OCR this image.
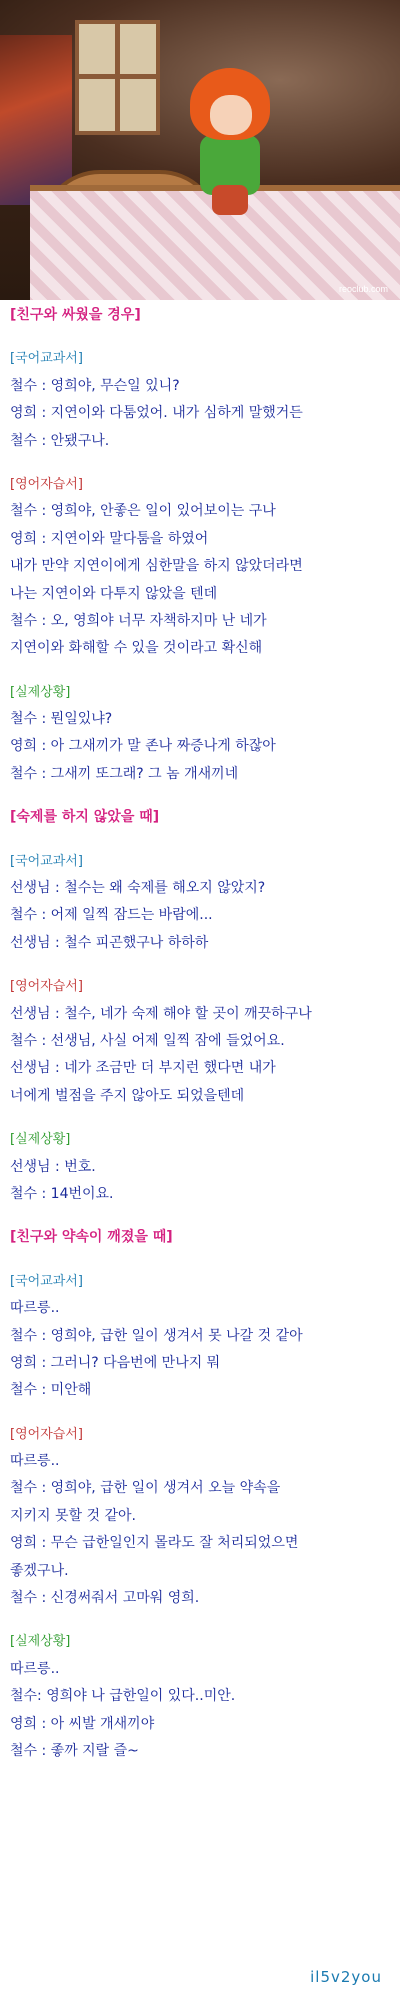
reoclub.com
[친구와 싸웠을 경우]
[국어교과서]
철수 : 영희야, 무슨일 있니?
영희 : 지연이와 다툼었어. 내가 심하게 말했거든
철수 : 안됐구나.
[영어자습서]
철수 : 영희야, 안좋은 일이 있어보이는 구나
영희 : 지연이와 말다툼을 하였어
내가 만약 지연이에게 심한말을 하지 않았더라면
나는 지연이와 다투지 않았을 텐데
철수 : 오, 영희야 너무 자책하지마 난 네가
지연이와 화해할 수 있을 것이라고 확신해
[실제상황]
철수 : 뭔일있냐?
영희 : 아 그새끼가 말 존나 짜증나게 하잖아
철수 : 그새끼 또그래? 그 놈 개새끼네
[숙제를 하지 않았을 때]
[국어교과서]
선생님 : 철수는 왜 숙제를 해오지 않았지?
철수 : 어제 일찍 잠드는 바람에...
선생님 : 철수 피곤했구나 하하하
[영어자습서]
선생님 : 철수, 네가 숙제 해야 할 곳이 깨끗하구나
철수 : 선생님, 사실 어제 일찍 잠에 들었어요.
선생님 : 네가 조금만 더 부지런 했다면 내가
너에게 벌점을 주지 않아도 되었을텐데
[실제상황]
선생님 : 번호.
철수 : 14번이요.
[친구와 약속이 깨졌을 때]
[국어교과서]
따르릉..
철수 : 영희야, 급한 일이 생겨서 못 나갈 것 같아
영희 : 그러니? 다음번에 만나지 뭐
철수 : 미안해
[영어자습서]
따르릉..
철수 : 영희야, 급한 일이 생겨서 오늘 약속을
지키지 못할 것 같아.
영희 : 무슨 급한일인지 몰라도 잘 처리되었으면
좋겠구나.
철수 : 신경써줘서 고마워 영희.
[실제상황]
따르릉..
철수: 영희야 나 급한일이 있다..미안.
영희 : 아 씨발 개새끼야
철수 : 좋까 지랄 즐~
il5v2you
